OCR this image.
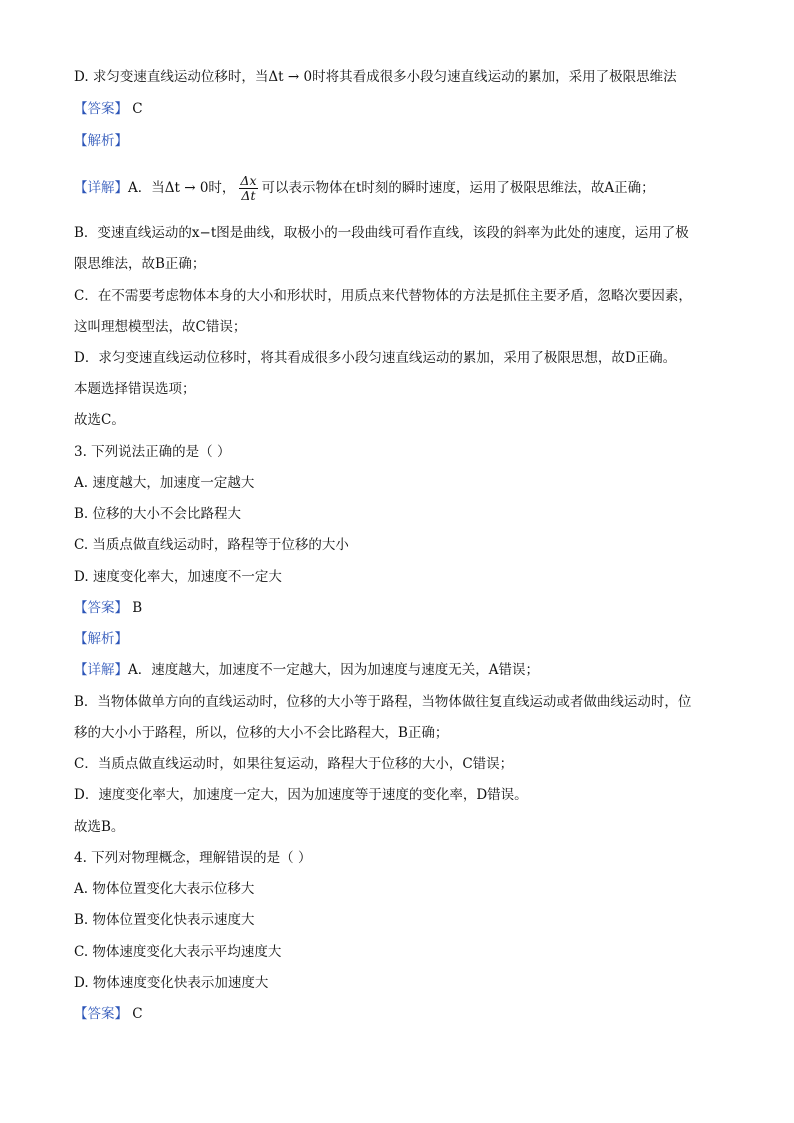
D. 求匀变速直线运动位移时，当Δt → 0时将其看成很多小段匀速直线运动的累加，采用了极限思维法
【答案】 C
【解析】
【详解】A．当Δt → 0时， $\frac{\Delta x}{\Delta t}$ 可以表示物体在t时刻的瞬时速度，运用了极限思维法，故A正确；
B．变速直线运动的x−t图是曲线，取极小的一段曲线可看作直线，该段的斜率为此处的速度，运用了极
限思维法，故B正确；
C．在不需要考虑物体本身的大小和形状时，用质点来代替物体的方法是抓住主要矛盾，忽略次要因素，
这叫理想模型法，故C错误；
D．求匀变速直线运动位移时，将其看成很多小段匀速直线运动的累加，采用了极限思想，故D正确。
本题选择错误选项；
故选C。
3. 下列说法正确的是（ ）
A. 速度越大，加速度一定越大
B. 位移的大小不会比路程大
C. 当质点做直线运动时，路程等于位移的大小
D. 速度变化率大，加速度不一定大
【答案】 B
【解析】
【详解】A．速度越大，加速度不一定越大，因为加速度与速度无关，A错误；
B．当物体做单方向的直线运动时，位移的大小等于路程，当物体做往复直线运动或者做曲线运动时，位
移的大小小于路程，所以，位移的大小不会比路程大，B正确；
C．当质点做直线运动时，如果往复运动，路程大于位移的大小，C错误；
D．速度变化率大，加速度一定大，因为加速度等于速度的变化率，D错误。
故选B。
4. 下列对物理概念，理解错误的是（ ）
A. 物体位置变化大表示位移大
B. 物体位置变化快表示速度大
C. 物体速度变化大表示平均速度大
D. 物体速度变化快表示加速度大
【答案】 C
